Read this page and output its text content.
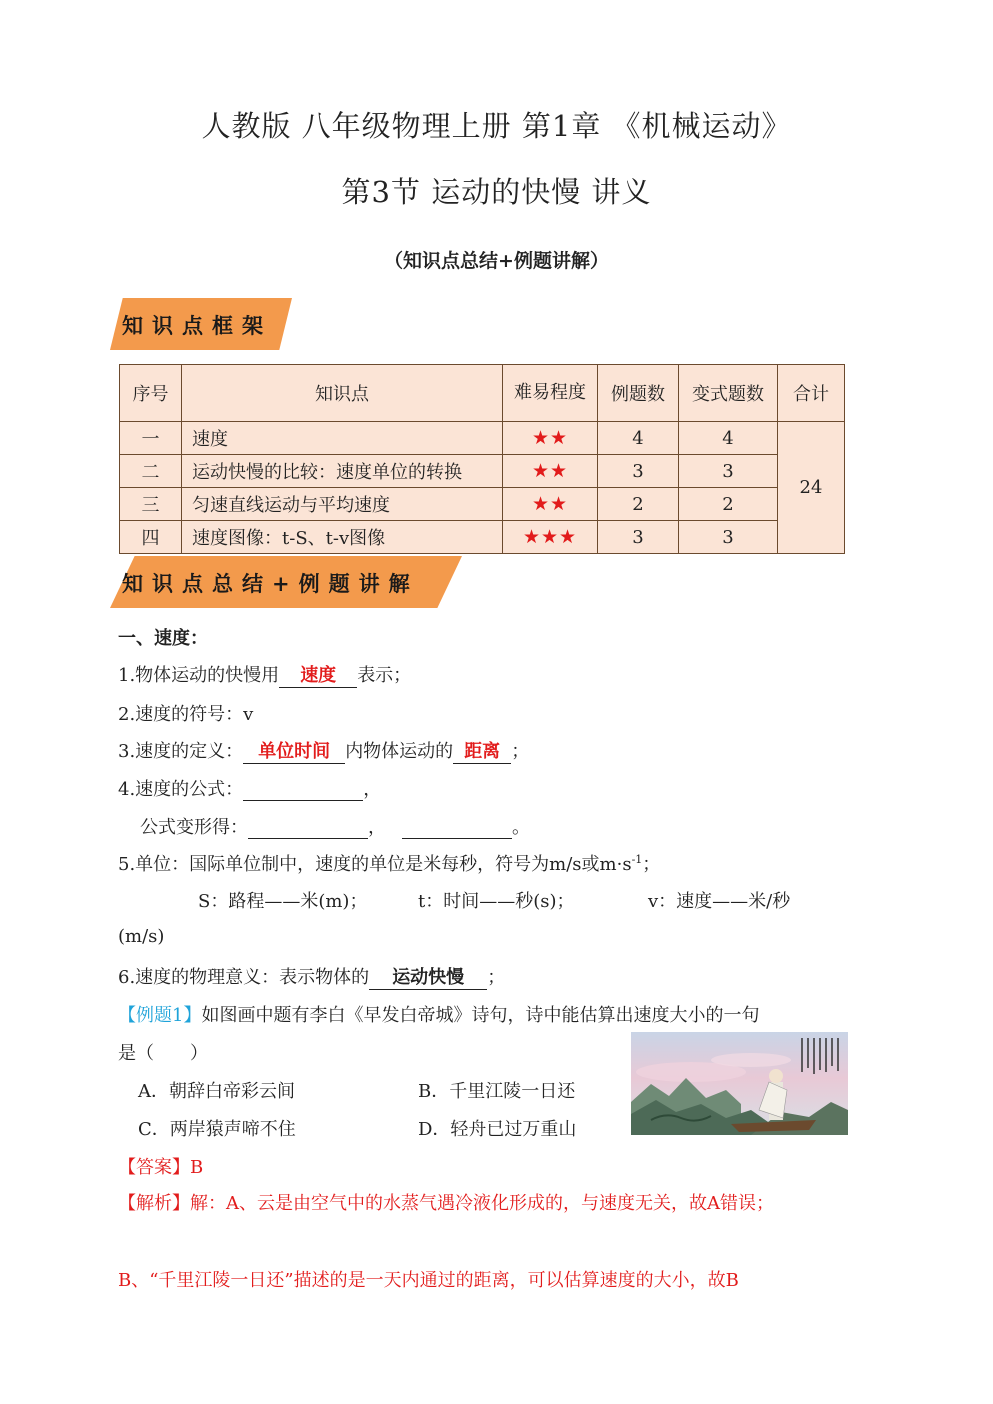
人教版 八年级物理上册 第1章 《机械运动》
第3节 运动的快慢 讲义
（知识点总结+例题讲解）
知识点框架
序号	知识点	难易程度	例题数	变式题数	合计
一	速度	★★	4	4	24
二	运动快慢的比较：速度单位的转换	★★	3	3	
三	匀速直线运动与平均速度	★★	2	2	
四	速度图像：t-S、t-v图像	★★★	3	3	
知识点总结+例题讲解
一、速度：
1.物体运动的快慢用 速度 表示；
2.速度的符号：v
3.速度的定义： 单位时间 内物体运动的 距离 ；
4.速度的公式：	，
公式变形得：	，	。
5.单位：国际单位制中，速度的单位是米每秒，符号为m/s或$m\cdot s^{-1}$；
S：路程——米(m)；	t：时间——秒(s)；	v：速度——米/秒
(m/s)
6.速度的物理意义：表示物体的 运动快慢 ；
【例题1】如图画中题有李白《早发白帝城》诗句，诗中能估算出速度大小的一句
是（　　）
A．朝辞白帝彩云间	B．千里江陵一日还
C．两岸猿声啼不住	D．轻舟已过万重山
【答案】B
【解析】解：A、云是由空气中的水蒸气遇冷液化形成的，与速度无关，故A错误；
B、“千里江陵一日还”描述的是一天内通过的距离，可以估算速度的大小，故B
